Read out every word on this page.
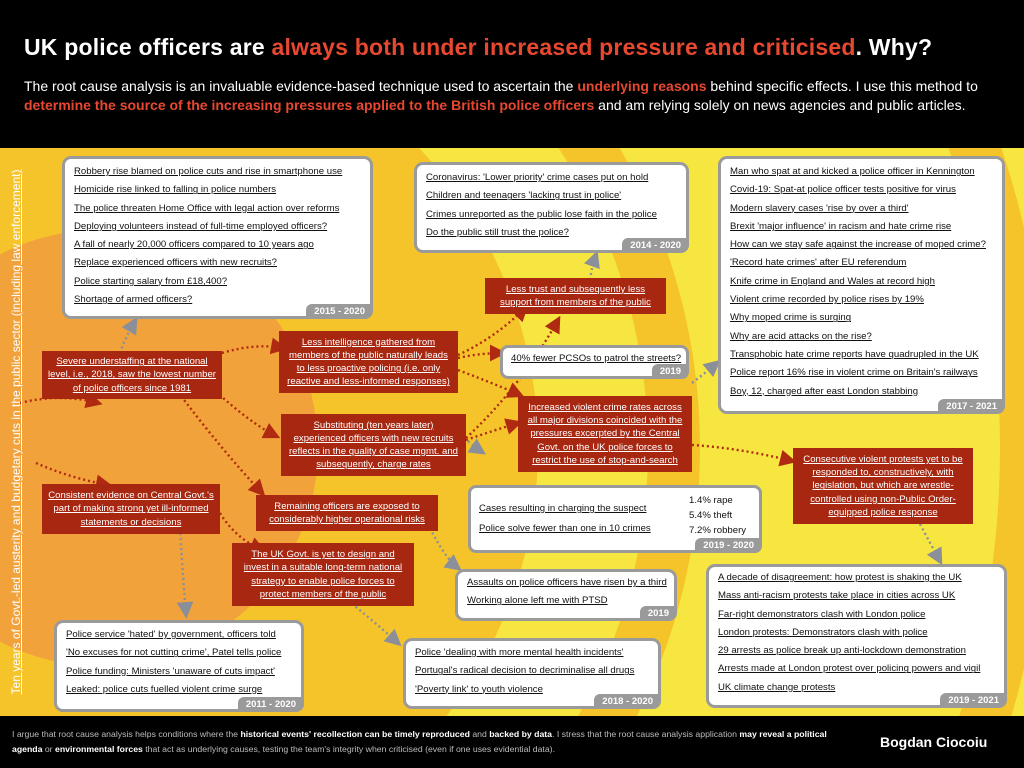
UK police officers are always both under increased pressure and criticised. Why?
The root cause analysis is an invaluable evidence-based technique used to ascertain the underlying reasons behind specific effects. I use this method to determine the source of the increasing pressures applied to the British police officers and am relying solely on news agencies and public articles.
Ten years of Govt.-led austerity and budgetary cuts in the public sector (including law enforcement)	Robbery rise blamed on police cuts and rise in smartphone use
Homicide rise linked to falling in police numbers
The police threaten Home Office with legal action over reforms
Deploying volunteers instead of full-time employed officers?
A fall of nearly 20,000 officers compared to 10 years ago
Replace experienced officers with new recruits?
Police starting salary from £18,400?
Shortage of armed officers?
2015 - 2020
Coronavirus: 'Lower priority' crime cases put on hold
Children and teenagers 'lacking trust in police'
Crimes unreported as the public lose faith in the police
Do the public still trust the police?
2014 - 2020
Man who spat at and kicked a police officer in Kennington
Covid-19: Spat-at police officer tests positive for virus
Modern slavery cases 'rise by over a third'
Brexit 'major influence' in racism and hate crime rise
How can we stay safe against the increase of moped crime?
'Record hate crimes' after EU referendum
Knife crime in England and Wales at record high
Violent crime recorded by police rises by 19%
Why moped crime is surging
Why are acid attacks on the rise?
Transphobic hate crime reports have quadrupled in the UK
Police report 16% rise in violent crime on Britain's railways
Boy, 12, charged after east London stabbing
2017 - 2021
40% fewer PCSOs to patrol the streets?
2019
Cases resulting in charging the suspect
Police solve fewer than one in 10 crimes
1.4% rape
5.4% theft
7.2% robbery
2019 - 2020
Assaults on police officers have risen by a third
Working alone left me with PTSD
2019
A decade of disagreement: how protest is shaking the UK
Mass anti-racism protests take place in cities across UK
Far-right demonstrators clash with London police
London protests: Demonstrators clash with police
29 arrests as police break up anti-lockdown demonstration
Arrests made at London protest over policing powers and vigil
UK climate change protests
2019 - 2021
Police service 'hated' by government, officers told
'No excuses for not cutting crime', Patel tells police
Police funding: Ministers 'unaware of cuts impact'
Leaked: police cuts fuelled violent crime surge
2011 - 2020
Police 'dealing with more mental health incidents'
Portugal's radical decision to decriminalise all drugs
'Poverty link' to youth violence
2018 - 2020
Severe understaffing at the national level, i.e., 2018, saw the lowest number of police officers since 1981
Consistent evidence on Central Govt.'s part of making strong yet ill-informed statements or decisions
Less intelligence gathered from members of the public naturally leads to less proactive policing (i.e. only reactive and less-informed responses)
Substituting (ten years later) experienced officers with new recruits reflects in the quality of case mgmt. and subsequently, charge rates
Remaining officers are exposed to considerably higher operational risks
The UK Govt. is yet to design and invest in a suitable long-term national strategy to enable police forces to protect members of the public
Less trust and subsequently less support from members of the public
Increased violent crime rates across all major divisions coincided with the pressures excerpted by the Central Govt. on the UK police forces to restrict the use of stop-and-search	Consecutive violent protests yet to be responded to, constructively, with legislation, but which are wrestle-controlled using non-Public Order-equipped police response
I argue that root cause analysis helps conditions where the historical events' recollection can be timely reproduced and backed by data. I stress that the root cause analysis application may reveal a political agenda or environmental forces that act as underlying causes, testing the team's integrity when criticised (even if one uses evidential data).	Bogdan Ciocoiu
